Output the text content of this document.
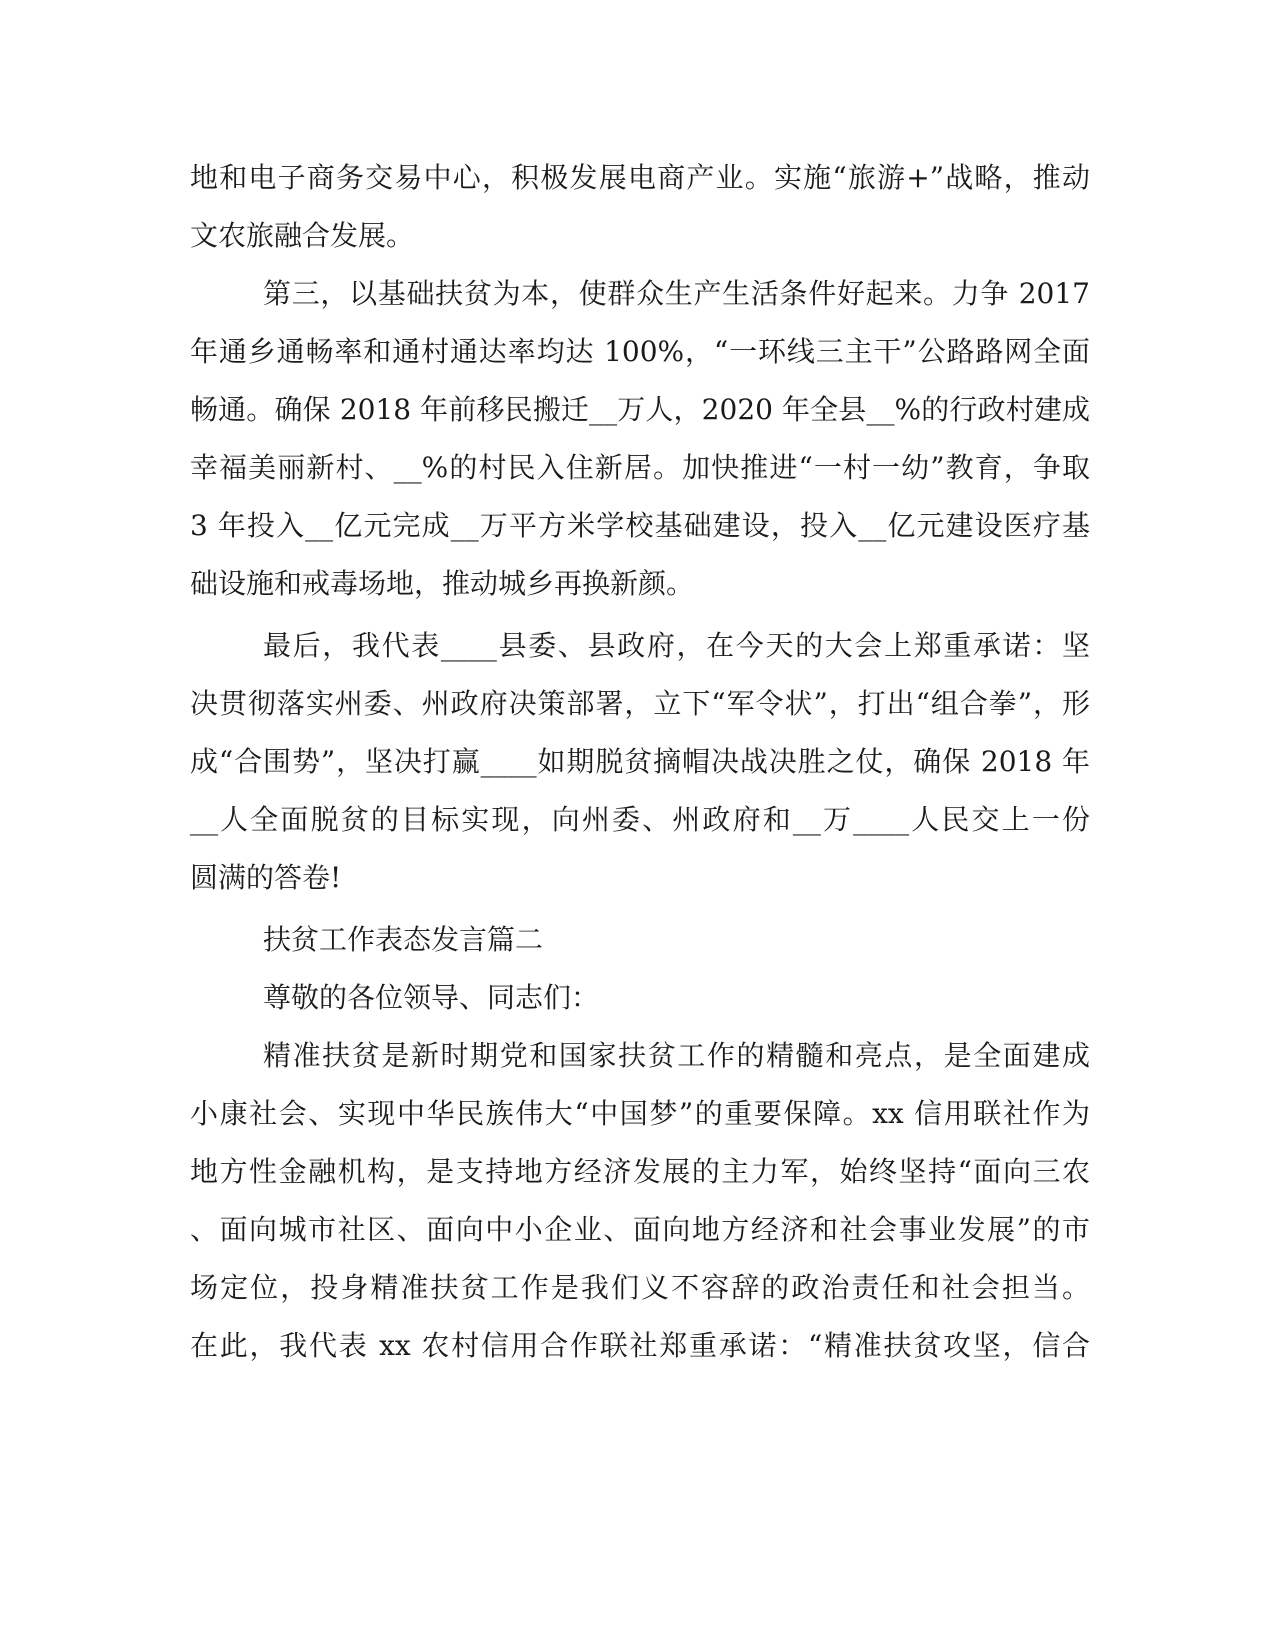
地和电子商务交易中心，积极发展电商产业。实施“旅游+”战略，推动
文农旅融合发展。
第三，以基础扶贫为本，使群众生产生活条件好起来。力争 2017
年通乡通畅率和通村通达率均达 100%，“一环线三主干”公路路网全面
畅通。确保 2018 年前移民搬迁__万人，2020 年全县__%的行政村建成
幸福美丽新村、__%的村民入住新居。加快推进“一村一幼”教育，争取
3 年投入__亿元完成__万平方米学校基础建设，投入__亿元建设医疗基
础设施和戒毒场地，推动城乡再换新颜。
最后，我代表____县委、县政府，在今天的大会上郑重承诺：坚
决贯彻落实州委、州政府决策部署，立下“军令状”，打出“组合拳”，形
成“合围势”，坚决打赢____如期脱贫摘帽决战决胜之仗，确保 2018 年
__人全面脱贫的目标实现，向州委、州政府和__万____人民交上一份
圆满的答卷!
扶贫工作表态发言篇二
尊敬的各位领导、同志们：
精准扶贫是新时期党和国家扶贫工作的精髓和亮点，是全面建成
小康社会、实现中华民族伟大“中国梦”的重要保障。xx 信用联社作为
地方性金融机构，是支持地方经济发展的主力军，始终坚持“面向三农
、面向城市社区、面向中小企业、面向地方经济和社会事业发展”的市
场定位，投身精准扶贫工作是我们义不容辞的政治责任和社会担当。
在此，我代表 xx 农村信用合作联社郑重承诺：“精准扶贫攻坚，信合
